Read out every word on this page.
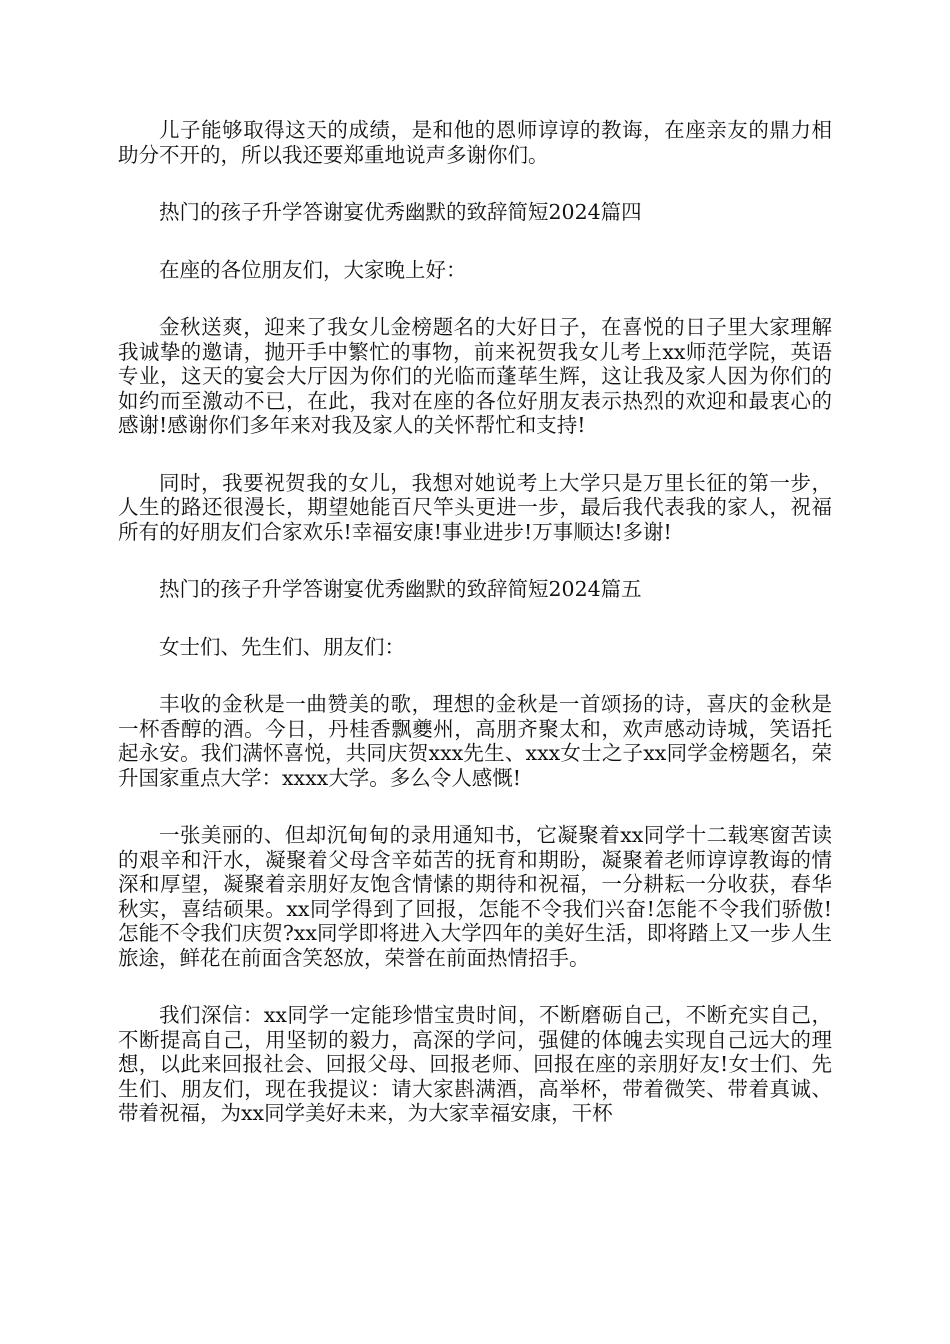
儿子能够取得这天的成绩，是和他的恩师谆谆的教诲，在座亲友的鼎力相助分不开的，所以我还要郑重地说声多谢你们。

热门的孩子升学答谢宴优秀幽默的致辞简短2024篇四

在座的各位朋友们，大家晚上好：

金秋送爽，迎来了我女儿金榜题名的大好日子，在喜悦的日子里大家理解我诚挚的邀请，抛开手中繁忙的事物，前来祝贺我女儿考上xx师范学院，英语专业，这天的宴会大厅因为你们的光临而蓬荜生辉，这让我及家人因为你们的如约而至激动不已，在此，我对在座的各位好朋友表示热烈的欢迎和最衷心的感谢!感谢你们多年来对我及家人的关怀帮忙和支持!

同时，我要祝贺我的女儿，我想对她说考上大学只是万里长征的第一步，人生的路还很漫长，期望她能百尺竿头更进一步，最后我代表我的家人，祝福所有的好朋友们合家欢乐!幸福安康!事业进步!万事顺达!多谢!

热门的孩子升学答谢宴优秀幽默的致辞简短2024篇五

女士们、先生们、朋友们：

丰收的金秋是一曲赞美的歌，理想的金秋是一首颂扬的诗，喜庆的金秋是一杯香醇的酒。今日，丹桂香飘夔州，高朋齐聚太和，欢声感动诗城，笑语托起永安。我们满怀喜悦，共同庆贺xxx先生、xxx女士之子xx同学金榜题名，荣升国家重点大学：xxxx大学。多么令人感慨!

一张美丽的、但却沉甸甸的录用通知书，它凝聚着xx同学十二载寒窗苦读的艰辛和汗水，凝聚着父母含辛茹苦的抚育和期盼，凝聚着老师谆谆教诲的情深和厚望，凝聚着亲朋好友饱含情愫的期待和祝福，一分耕耘一分收获，春华秋实，喜结硕果。xx同学得到了回报，怎能不令我们兴奋!怎能不令我们骄傲!怎能不令我们庆贺?xx同学即将进入大学四年的美好生活，即将踏上又一步人生旅途，鲜花在前面含笑怒放，荣誉在前面热情招手。

我们深信：xx同学一定能珍惜宝贵时间，不断磨砺自己，不断充实自己，不断提高自己，用坚韧的毅力，高深的学问，强健的体魄去实现自己远大的理想，以此来回报社会、回报父母、回报老师、回报在座的亲朋好友!女士们、先生们、朋友们，现在我提议：请大家斟满酒，高举杯，带着微笑、带着真诚、带着祝福，为xx同学美好未来，为大家幸福安康，干杯
